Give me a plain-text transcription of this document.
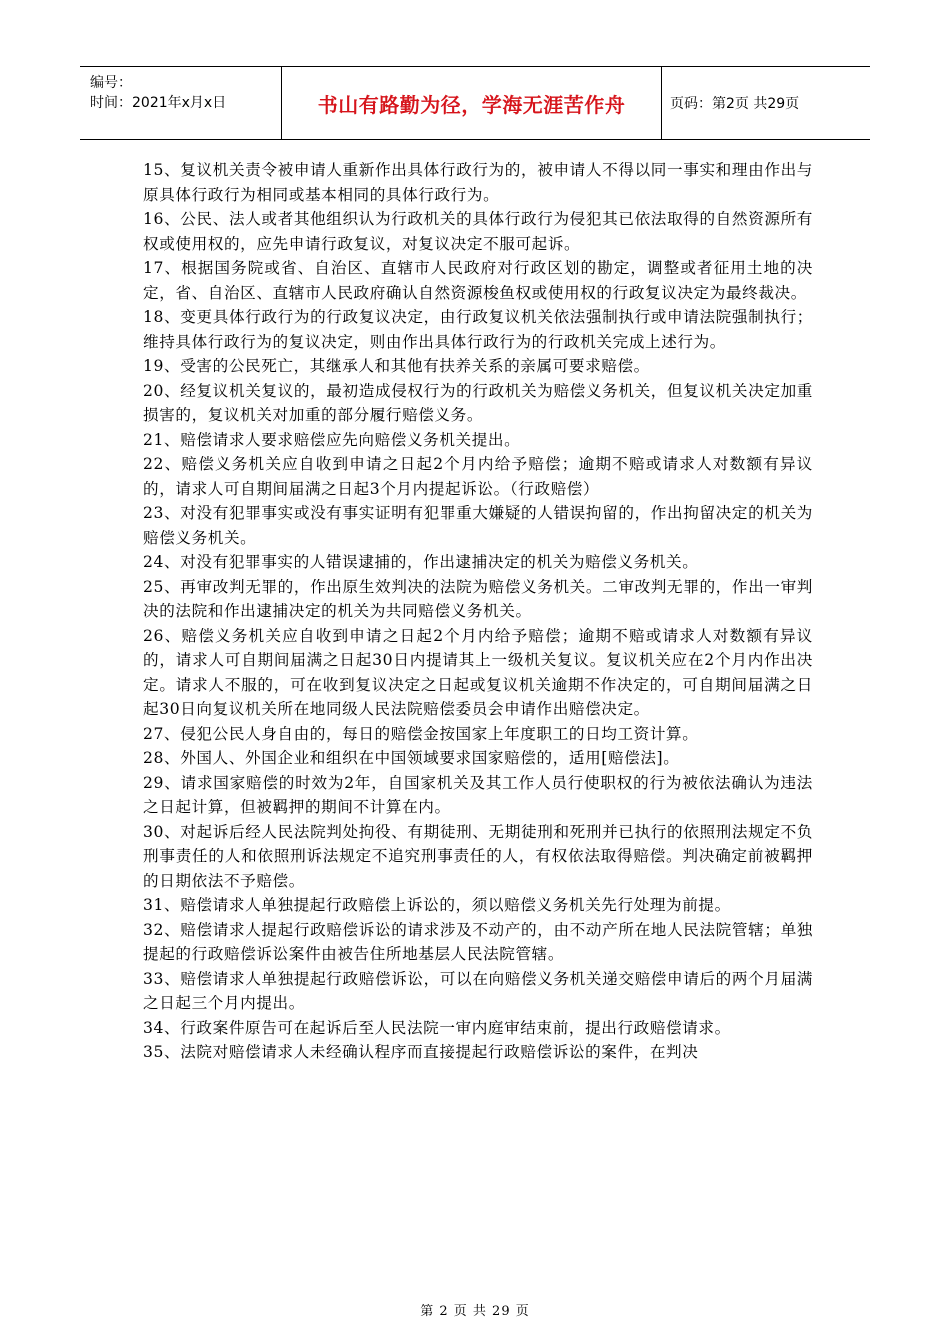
编号：
时间：2021年x月x日	书山有路勤为径，学海无涯苦作舟	页码：第2页 共29页

15、复议机关责令被申请人重新作出具体行政行为的，被申请人不得以同一事实和理由作出与原具体行政行为相同或基本相同的具体行政行为。

16、公民、法人或者其他组织认为行政机关的具体行政行为侵犯其已依法取得的自然资源所有权或使用权的，应先申请行政复议，对复议决定不服可起诉。

17、根据国务院或省、自治区、直辖市人民政府对行政区划的勘定，调整或者征用土地的决定，省、自治区、直辖市人民政府确认自然资源梭鱼权或使用权的行政复议决定为最终裁决。

18、变更具体行政行为的行政复议决定，由行政复议机关依法强制执行或申请法院强制执行；维持具体行政行为的复议决定，则由作出具体行政行为的行政机关完成上述行为。

19、受害的公民死亡，其继承人和其他有扶养关系的亲属可要求赔偿。

20、经复议机关复议的，最初造成侵权行为的行政机关为赔偿义务机关，但复议机关决定加重损害的，复议机关对加重的部分履行赔偿义务。

21、赔偿请求人要求赔偿应先向赔偿义务机关提出。

22、赔偿义务机关应自收到申请之日起2个月内给予赔偿；逾期不赔或请求人对数额有异议的，请求人可自期间届满之日起3个月内提起诉讼。（行政赔偿）

23、对没有犯罪事实或没有事实证明有犯罪重大嫌疑的人错误拘留的，作出拘留决定的机关为赔偿义务机关。

24、对没有犯罪事实的人错误逮捕的，作出逮捕决定的机关为赔偿义务机关。

25、再审改判无罪的，作出原生效判决的法院为赔偿义务机关。二审改判无罪的，作出一审判决的法院和作出逮捕决定的机关为共同赔偿义务机关。

26、赔偿义务机关应自收到申请之日起2个月内给予赔偿；逾期不赔或请求人对数额有异议的，请求人可自期间届满之日起30日内提请其上一级机关复议。复议机关应在2个月内作出决定。请求人不服的，可在收到复议决定之日起或复议机关逾期不作决定的，可自期间届满之日起30日向复议机关所在地同级人民法院赔偿委员会申请作出赔偿决定。

27、侵犯公民人身自由的，每日的赔偿金按国家上年度职工的日均工资计算。

28、外国人、外国企业和组织在中国领域要求国家赔偿的，适用[赔偿法]。

29、请求国家赔偿的时效为2年，自国家机关及其工作人员行使职权的行为被依法确认为违法之日起计算，但被羁押的期间不计算在内。

30、对起诉后经人民法院判处拘役、有期徒刑、无期徒刑和死刑并已执行的依照刑法规定不负刑事责任的人和依照刑诉法规定不追究刑事责任的人，有权依法取得赔偿。判决确定前被羁押的日期依法不予赔偿。

31、赔偿请求人单独提起行政赔偿上诉讼的，须以赔偿义务机关先行处理为前提。

32、赔偿请求人提起行政赔偿诉讼的请求涉及不动产的，由不动产所在地人民法院管辖；单独提起的行政赔偿诉讼案件由被告住所地基层人民法院管辖。

33、赔偿请求人单独提起行政赔偿诉讼，可以在向赔偿义务机关递交赔偿申请后的两个月届满之日起三个月内提出。

34、行政案件原告可在起诉后至人民法院一审内庭审结束前，提出行政赔偿请求。

35、法院对赔偿请求人未经确认程序而直接提起行政赔偿诉讼的案件，在判决

第 2 页 共 29 页
